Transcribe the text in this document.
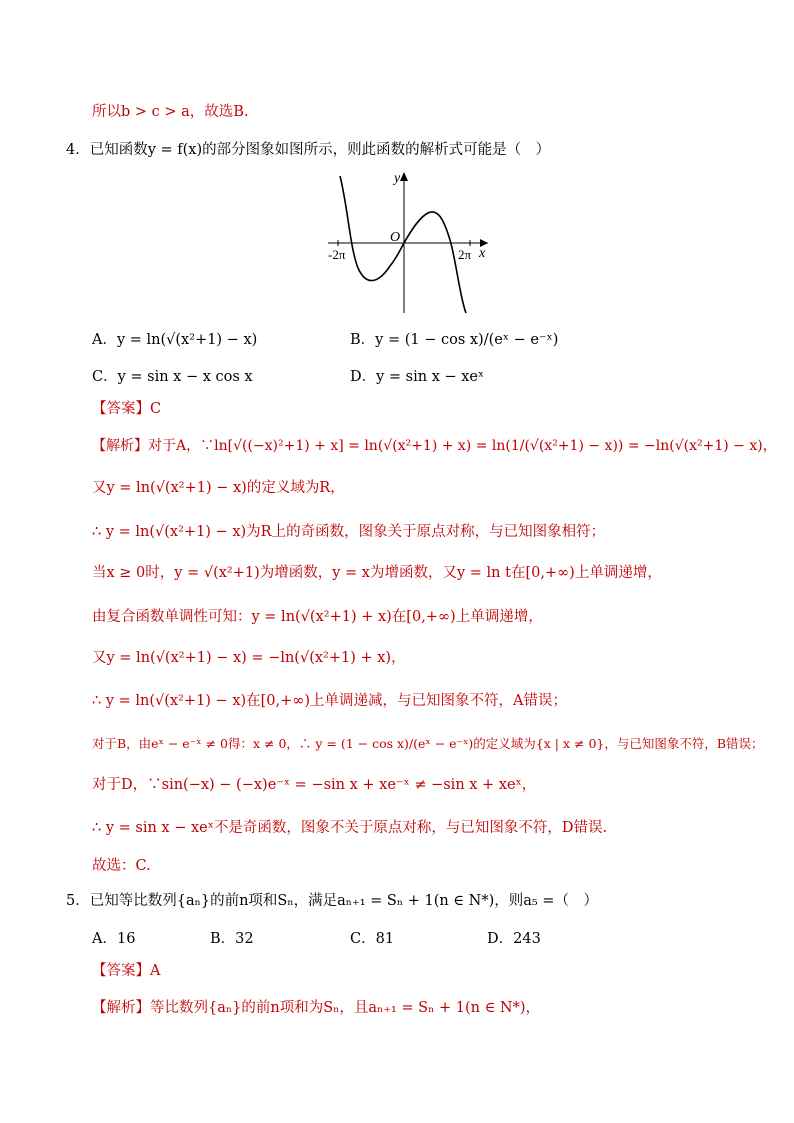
所以b > c > a，故选B.
4．已知函数y = f(x)的部分图象如图所示，则此函数的解析式可能是（　）
y
x
O
-2π	2π
A．y = ln(√(x²+1) − x)	B．y = (1 − cos x)/(eˣ − e⁻ˣ)
C．y = sin x − x cos x	D．y = sin x − xeˣ
【答案】C
【解析】对于A，∵ln[√((−x)²+1) + x] = ln(√(x²+1) + x) = ln(1/(√(x²+1) − x)) = −ln(√(x²+1) − x)，
又y = ln(√(x²+1) − x)的定义域为R，
∴ y = ln(√(x²+1) − x)为R上的奇函数，图象关于原点对称，与已知图象相符；
当x ≥ 0时，y = √(x²+1)为增函数，y = x为增函数，又y = ln t在[0,+∞)上单调递增，
由复合函数单调性可知：y = ln(√(x²+1) + x)在[0,+∞)上单调递增，
又y = ln(√(x²+1) − x) = −ln(√(x²+1) + x)，
∴ y = ln(√(x²+1) − x)在[0,+∞)上单调递减，与已知图象不符，A错误；
对于B，由eˣ − e⁻ˣ ≠ 0得：x ≠ 0，∴ y = (1 − cos x)/(eˣ − e⁻ˣ)的定义域为{x | x ≠ 0}，与已知图象不符，B错误；
对于D，∵sin(−x) − (−x)e⁻ˣ = −sin x + xe⁻ˣ ≠ −sin x + xeˣ，
∴ y = sin x − xeˣ不是奇函数，图象不关于原点对称，与已知图象不符，D错误.
故选：C.
5．已知等比数列{aₙ}的前n项和Sₙ，满足aₙ₊₁ = Sₙ + 1(n ∈ N*)，则a₅ =（　）
A．16	B．32	C．81	D．243
【答案】A
【解析】等比数列{aₙ}的前n项和为Sₙ，且aₙ₊₁ = Sₙ + 1(n ∈ N*)，
